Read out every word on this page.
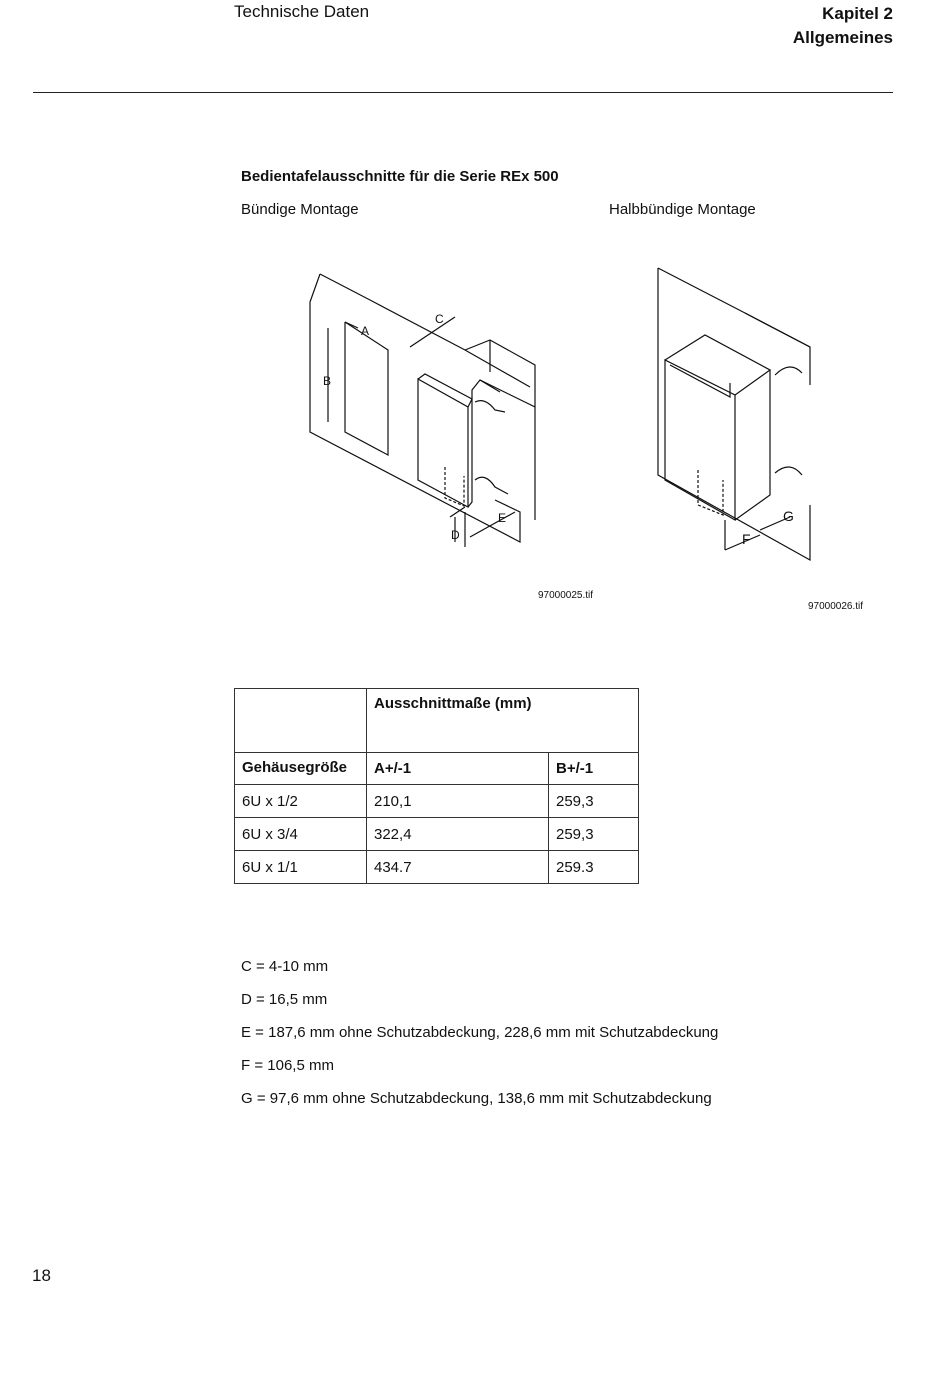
Technische Daten	Kapitel 2
Allgemeines
Bedientafelausschnitte für die Serie REx 500
Bündige Montage	Halbbündige Montage
A
C
B
E
D
97000025.tif
F
G
97000026.tif
	Ausschnittmaße (mm)	
Gehäusegröße	A+/-1	B+/-1
6U x 1/2	210,1	259,3
6U x 3/4	322,4	259,3
6U x 1/1	434.7	259.3
C = 4-10 mm
D = 16,5 mm
E = 187,6 mm ohne Schutzabdeckung, 228,6 mm mit Schutzabdeckung
F = 106,5 mm
G = 97,6 mm ohne Schutzabdeckung, 138,6 mm mit Schutzabdeckung
18
